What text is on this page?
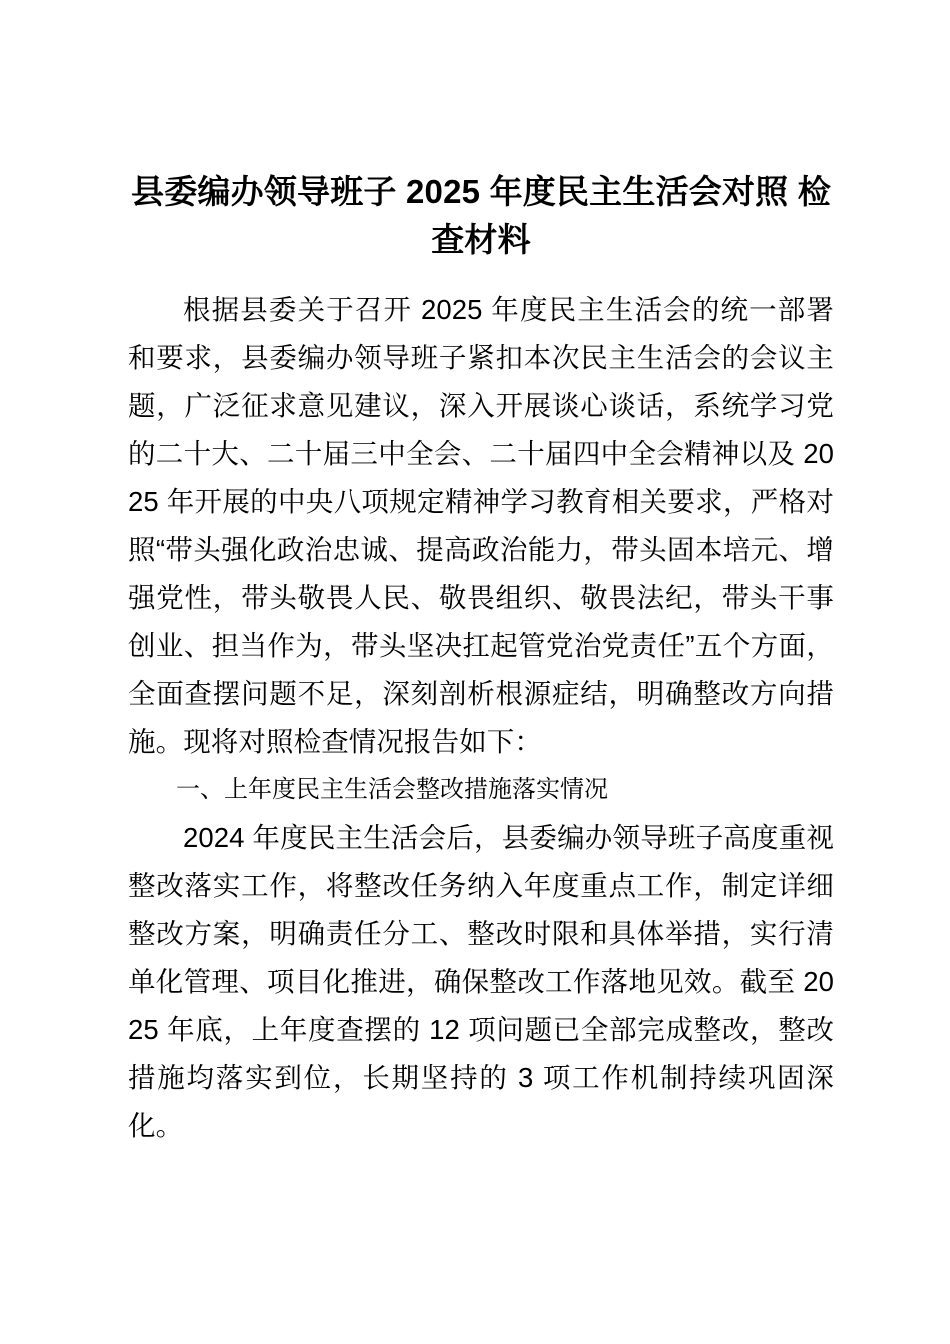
县委编办领导班子 2025 年度民主生活会对照 检查材料

根据县委关于召开 2025 年度民主生活会的统一部署和要求，县委编办领导班子紧扣本次民主生活会的会议主题，广泛征求意见建议，深入开展谈心谈话，系统学习党的二十大、二十届三中全会、二十届四中全会精神以及 2025 年开展的中央八项规定精神学习教育相关要求，严格对照“带头强化政治忠诚、提高政治能力，带头固本培元、增强党性，带头敬畏人民、敬畏组织、敬畏法纪，带头干事创业、担当作为，带头坚决扛起管党治党责任”五个方面，全面查摆问题不足，深刻剖析根源症结，明确整改方向措施。现将对照检查情况报告如下：

一、上年度民主生活会整改措施落实情况

2024 年度民主生活会后，县委编办领导班子高度重视整改落实工作，将整改任务纳入年度重点工作，制定详细整改方案，明确责任分工、整改时限和具体举措，实行清单化管理、项目化推进，确保整改工作落地见效。截至 2025 年底，上年度查摆的 12 项问题已全部完成整改，整改措施均落实到位，长期坚持的 3 项工作机制持续巩固深化。
